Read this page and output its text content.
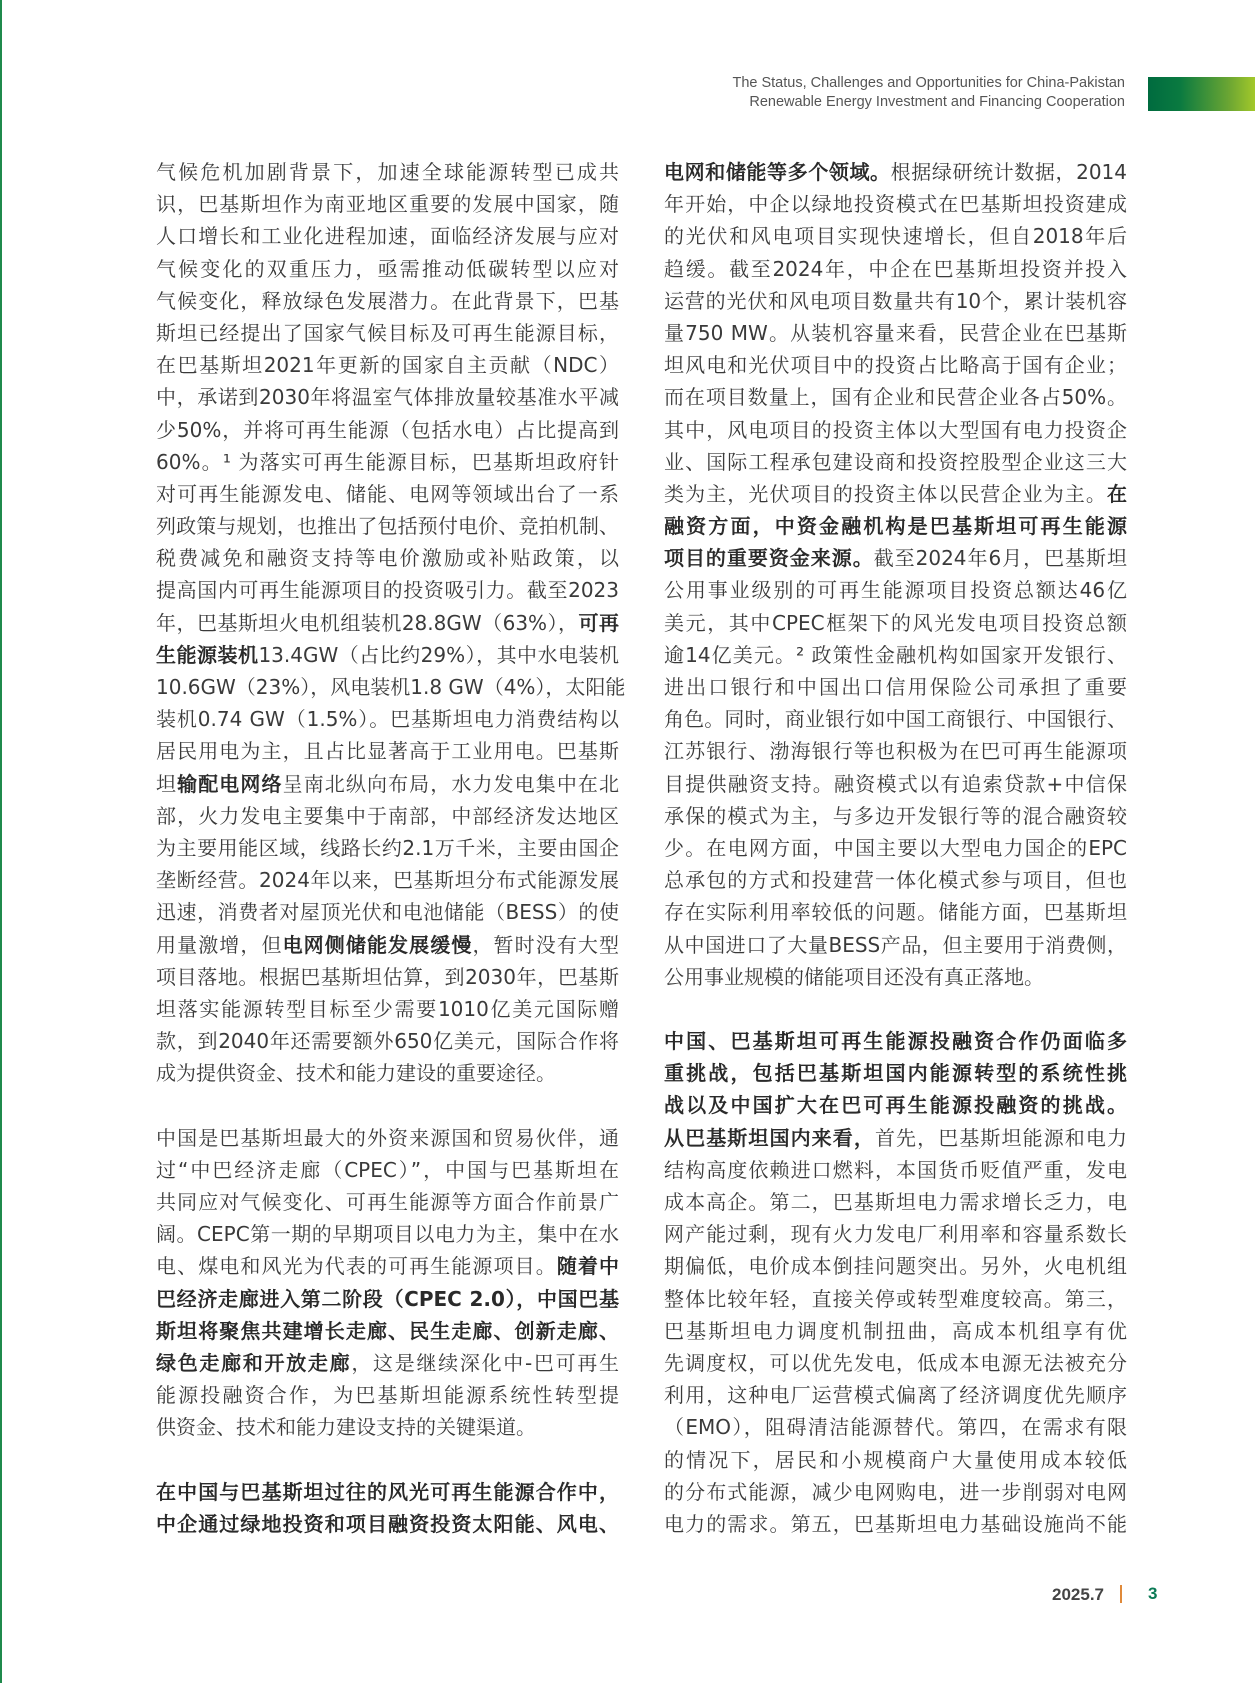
The Status, Challenges and Opportunities for China-Pakistan
Renewable Energy Investment and Financing Cooperation
气候危机加剧背景下，加速全球能源转型已成共
识，巴基斯坦作为南亚地区重要的发展中国家，随
人口增长和工业化进程加速，面临经济发展与应对
气候变化的双重压力，亟需推动低碳转型以应对
气候变化，释放绿色发展潜力。在此背景下，巴基
斯坦已经提出了国家气候目标及可再生能源目标，
在巴基斯坦2021年更新的国家自主贡献（NDC）
中，承诺到2030年将温室气体排放量较基准水平减
少50%，并将可再生能源（包括水电）占比提高到
60%。¹ 为落实可再生能源目标，巴基斯坦政府针
对可再生能源发电、储能、电网等领域出台了一系
列政策与规划，也推出了包括预付电价、竞拍机制、
税费减免和融资支持等电价激励或补贴政策，以
提高国内可再生能源项目的投资吸引力。截至2023
年，巴基斯坦火电机组装机28.8GW（63%），可再
生能源装机13.4GW（占比约29%），其中水电装机
10.6GW（23%），风电装机1.8 GW（4%），太阳能
装机0.74 GW（1.5%）。巴基斯坦电力消费结构以
居民用电为主，且占比显著高于工业用电。巴基斯
坦输配电网络呈南北纵向布局，水力发电集中在北
部，火力发电主要集中于南部，中部经济发达地区
为主要用能区域，线路长约2.1万千米，主要由国企
垄断经营。2024年以来，巴基斯坦分布式能源发展
迅速，消费者对屋顶光伏和电池储能（BESS）的使
用量激增，但电网侧储能发展缓慢，暂时没有大型
项目落地。根据巴基斯坦估算，到2030年，巴基斯
坦落实能源转型目标至少需要1010亿美元国际赠
款，到2040年还需要额外650亿美元，国际合作将
成为提供资金、技术和能力建设的重要途径。
中国是巴基斯坦最大的外资来源国和贸易伙伴，通
过“中巴经济走廊（CPEC）”，中国与巴基斯坦在
共同应对气候变化、可再生能源等方面合作前景广
阔。CEPC第一期的早期项目以电力为主，集中在水
电、煤电和风光为代表的可再生能源项目。随着中
巴经济走廊进入第二阶段（CPEC 2.0），中国巴基
斯坦将聚焦共建增长走廊、民生走廊、创新走廊、
绿色走廊和开放走廊，这是继续深化中-巴可再生
能源投融资合作，为巴基斯坦能源系统性转型提
供资金、技术和能力建设支持的关键渠道。
在中国与巴基斯坦过往的风光可再生能源合作中，
中企通过绿地投资和项目融资投资太阳能、风电、
电网和储能等多个领域。根据绿研统计数据，2014
年开始，中企以绿地投资模式在巴基斯坦投资建成
的光伏和风电项目实现快速增长，但自2018年后
趋缓。截至2024年，中企在巴基斯坦投资并投入
运营的光伏和风电项目数量共有10个，累计装机容
量750 MW。从装机容量来看，民营企业在巴基斯
坦风电和光伏项目中的投资占比略高于国有企业；
而在项目数量上，国有企业和民营企业各占50%。
其中，风电项目的投资主体以大型国有电力投资企
业、国际工程承包建设商和投资控股型企业这三大
类为主，光伏项目的投资主体以民营企业为主。在
融资方面，中资金融机构是巴基斯坦可再生能源
项目的重要资金来源。截至2024年6月，巴基斯坦
公用事业级别的可再生能源项目投资总额达46亿
美元，其中CPEC框架下的风光发电项目投资总额
逾14亿美元。² 政策性金融机构如国家开发银行、
进出口银行和中国出口信用保险公司承担了重要
角色。同时，商业银行如中国工商银行、中国银行、
江苏银行、渤海银行等也积极为在巴可再生能源项
目提供融资支持。融资模式以有追索贷款+中信保
承保的模式为主，与多边开发银行等的混合融资较
少。在电网方面，中国主要以大型电力国企的EPC
总承包的方式和投建营一体化模式参与项目，但也
存在实际利用率较低的问题。储能方面，巴基斯坦
从中国进口了大量BESS产品，但主要用于消费侧，
公用事业规模的储能项目还没有真正落地。
中国、巴基斯坦可再生能源投融资合作仍面临多
重挑战，包括巴基斯坦国内能源转型的系统性挑
战以及中国扩大在巴可再生能源投融资的挑战。
从巴基斯坦国内来看，首先，巴基斯坦能源和电力
结构高度依赖进口燃料，本国货币贬值严重，发电
成本高企。第二，巴基斯坦电力需求增长乏力，电
网产能过剩，现有火力发电厂利用率和容量系数长
期偏低，电价成本倒挂问题突出。另外，火电机组
整体比较年轻，直接关停或转型难度较高。第三，
巴基斯坦电力调度机制扭曲，高成本机组享有优
先调度权，可以优先发电，低成本电源无法被充分
利用，这种电厂运营模式偏离了经济调度优先顺序
（EMO），阻碍清洁能源替代。第四，在需求有限
的情况下，居民和小规模商户大量使用成本较低
的分布式能源，减少电网购电，进一步削弱对电网
电力的需求。第五，巴基斯坦电力基础设施尚不能
2025.7	3
